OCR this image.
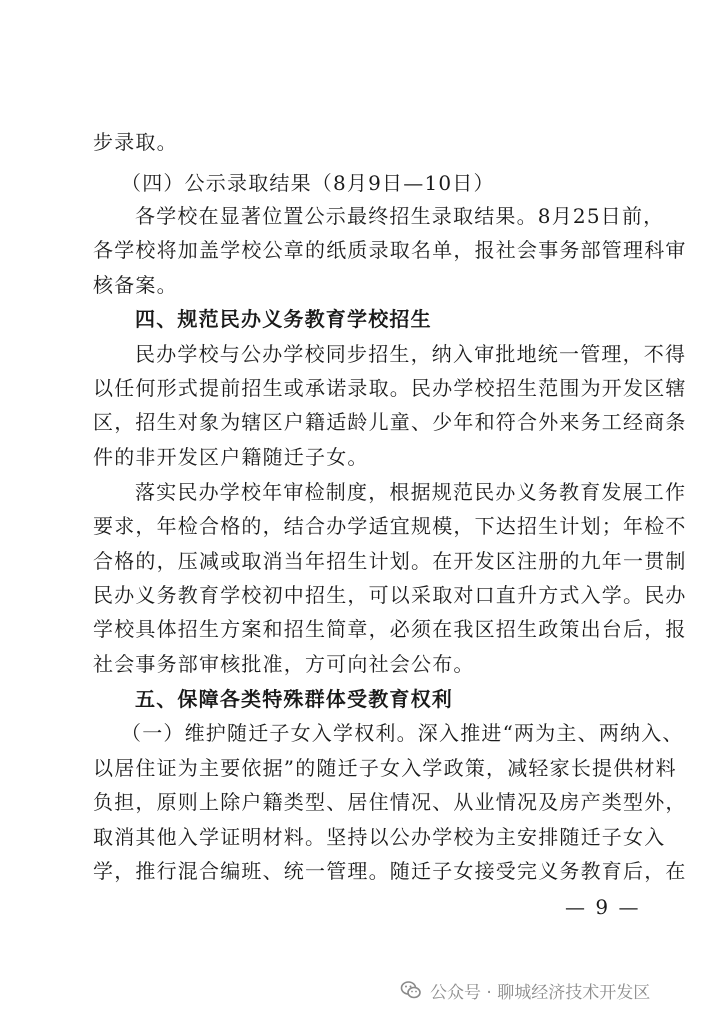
步录取。
（四）公示录取结果（8月9日—10日）
各学校在显著位置公示最终招生录取结果。8月25日前，
各学校将加盖学校公章的纸质录取名单，报社会事务部管理科审
核备案。
四、规范民办义务教育学校招生
民办学校与公办学校同步招生，纳入审批地统一管理，不得
以任何形式提前招生或承诺录取。民办学校招生范围为开发区辖
区，招生对象为辖区户籍适龄儿童、少年和符合外来务工经商条
件的非开发区户籍随迁子女。
落实民办学校年审检制度，根据规范民办义务教育发展工作
要求，年检合格的，结合办学适宜规模，下达招生计划；年检不
合格的，压减或取消当年招生计划。在开发区注册的九年一贯制
民办义务教育学校初中招生，可以采取对口直升方式入学。民办
学校具体招生方案和招生简章，必须在我区招生政策出台后，报
社会事务部审核批准，方可向社会公布。
五、保障各类特殊群体受教育权利
（一）维护随迁子女入学权利。深入推进“两为主、两纳入、
以居住证为主要依据”的随迁子女入学政策，减轻家长提供材料
负担，原则上除户籍类型、居住情况、从业情况及房产类型外，
取消其他入学证明材料。坚持以公办学校为主安排随迁子女入
学，推行混合编班、统一管理。随迁子女接受完义务教育后，在
— 9 —
公众号 · 聊城经济技术开发区
